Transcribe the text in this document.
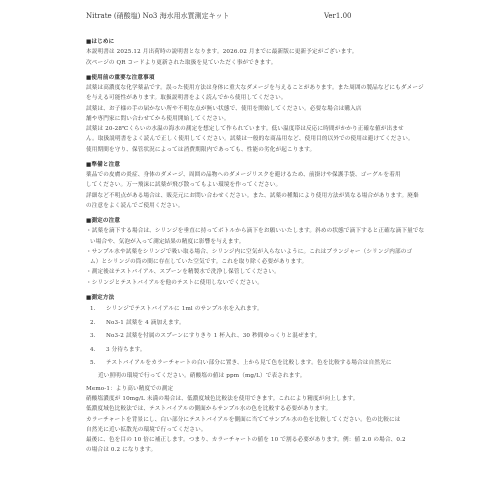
Nitrate (硝酸塩) No3 海水用水質測定キット	Ver1.00
■はじめに
本説明書は 2025.12 月出荷時の説明書となります。2026.02 月までに最新版に更新予定がございます。
次ページの QR コードより更新された取扱を見ていただく事ができます。
■使用前の重要な注意事項
試薬は高濃度な化学薬品です。誤った使用方法は身体に重大なダメージを与えることがあります。また周囲の製品などにもダメージ
を与える可能性があります。取扱説明書をよく読んでから使用してください。
試薬は、お子様の手の届かない所や不明な点が無い状態で、使用を開始してください。必要な場合は購入店
舗や専門家に問い合わせてから使用開始してください。
試薬は 20-28℃くらいの水温の海水の測定を想定して作られています。低い温度帯は反応に時間がかかり正確な値が出ませ
ん。取扱説明書をよく読んで正しく使用してください。試薬は一般的な商品用など、使用目的以外での使用は避けてください。
使用期間を守り、保管状況によっては消費期限内であっても、性能の劣化が起こります。
■準備と注意
薬品での皮膚の炎症、身体のダメージ、周囲の品物へのダメージリスクを避けるため、前掛けや保護手袋、ゴーグルを着用
してください。万一飛沫に試薬が飛び散ってもよい環境を作ってください。
詳細など不明点がある場合は、販売元にお問い合わせください。また、試薬の種類により使用方法が異なる場合があります。廃棄
の注意をよく読んでご使用ください。
■測定の注意
・試薬を滴下する場合は、シリンジを垂直に持ってボトルから滴下をお願いいたします。斜めの状態で滴下すると正確な滴下量でな
い場合や、気泡が入って測定結果の精度に影響を与えます。
・サンプル水や試薬をシリンジで吸い取る場合、シリンジ内に空気が入らないように。これはプランジャー（シリンジ内部のゴ
ム）とシリンジの筒の間に存在していた空気です。これを取り除く必要があります。
・測定後はテストバイアル、スプーンを精製水で洗浄し保管してください。
・シリンジとテストバイアルを他のテストに使用しないでください。
■測定方法
1. シリンジでテストバイアルに 1ml のサンプル水を入れます。
2. No3-1 試薬を 4 滴加えます。
3. No3-2 試薬を付属のスプーンにすりきり 1 杯入れ、30 秒間ゆっくりと混ぜます。
4. 3 分待ちます。
5. テストバイアルをカラーチャートの白い部分に置き、上から見て色を比較します。色を比較する場合は自然光に
近い照明の環境で行ってください。硝酸塩の値は ppm（mg/L）で表されます。
Memo-1：より高い精度での測定
硝酸塩濃度が 10mg/L 未満の場合は、低濃度域色比較法を使用できます。これにより精度が向上します。
低濃度域色比較法では、テストバイアルの側面からサンプル水の色を比較する必要があります。
カラーチャートを背景にし、白い部分にテストバイアルを側面に当ててサンプル水の色を比較してください。色の比較には
自然光に近い拡散光の環境で行ってください。
最後に、色を目の 10 倍に補正します。つまり、カラーチャートの値を 10 で割る必要があります。例：値 2.0 の場合、0.2
の場合は 0.2 になります。
